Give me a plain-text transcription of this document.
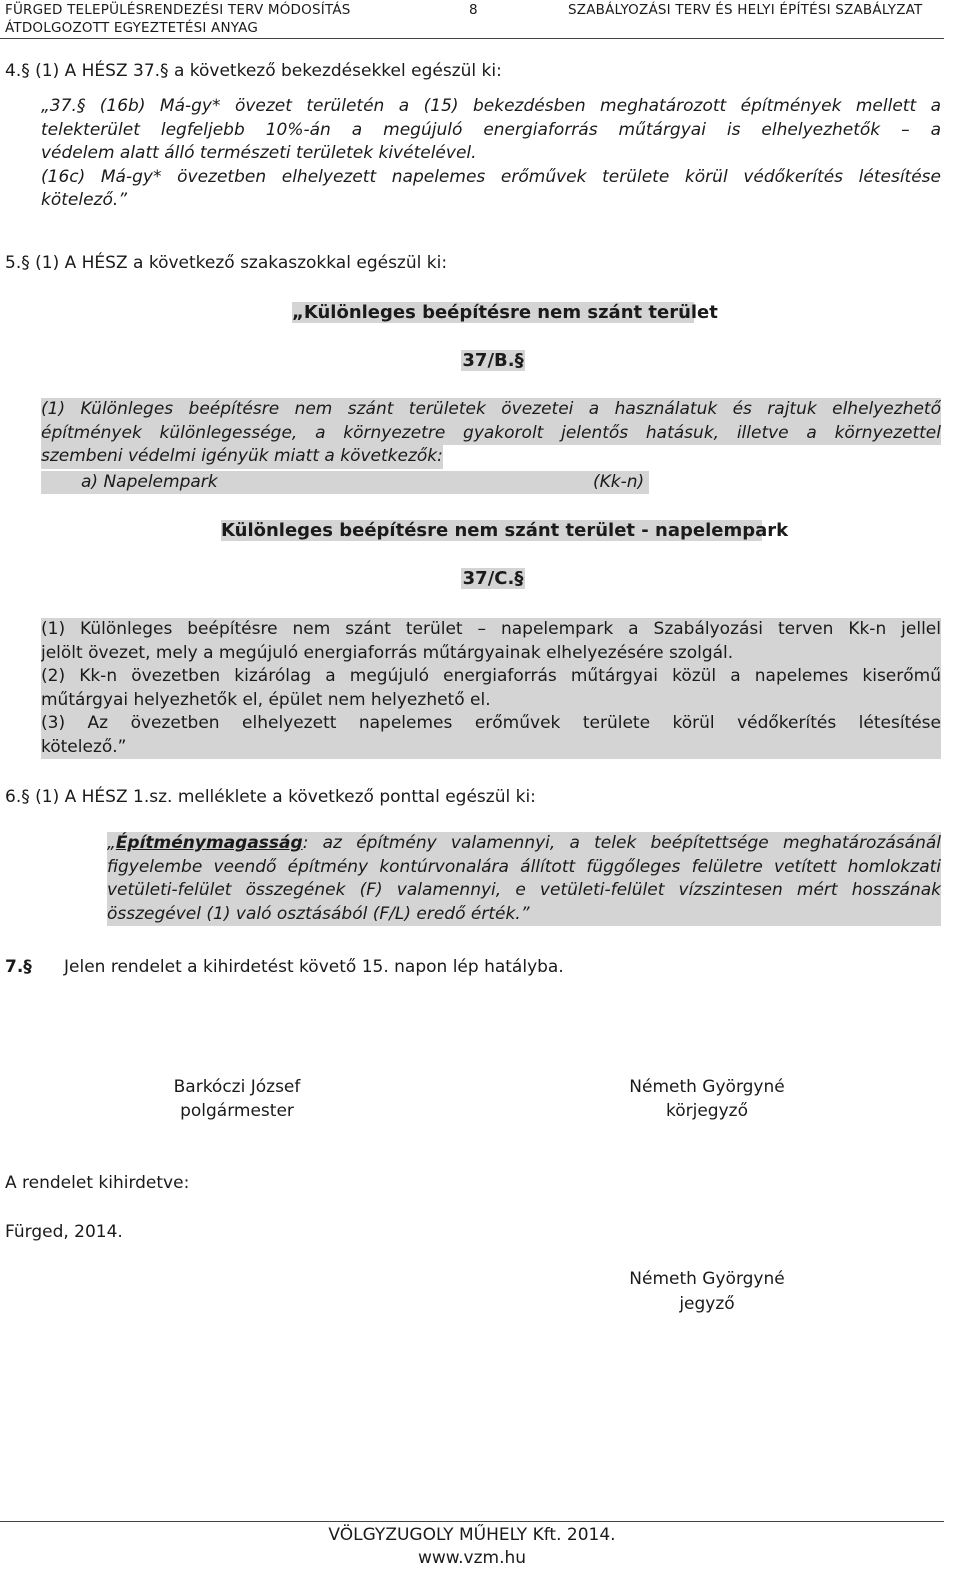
FÜRGED TELEPÜLÉSRENDEZÉSI TERV MÓDOSÍTÁS
ÁTDOLGOZOTT EGYEZTETÉSI ANYAG
8	SZABÁLYOZÁSI TERV ÉS HELYI ÉPÍTÉSI SZABÁLYZAT
4.§ (1) A HÉSZ 37.§ a következő bekezdésekkel egészül ki:
„37.§ (16b) Má-gy* övezet területén a (15) bekezdésben meghatározott építmények mellett a
telekterület legfeljebb 10%-án a megújuló energiaforrás műtárgyai is elhelyezhetők – a
védelem alatt álló természeti területek kivételével.
(16c) Má-gy* övezetben elhelyezett napelemes erőművek területe körül védőkerítés létesítése
kötelező.”
5.§ (1) A HÉSZ a következő szakaszokkal egészül ki:
„Különleges beépítésre nem szánt terület
37/B.§
(1) Különleges beépítésre nem szánt területek övezetei a használatuk és rajtuk elhelyezhető
építmények különlegessége, a környezetre gyakorolt jelentős hatásuk, illetve a környezettel
szembeni védelmi igényük miatt a következők:
a) Napelempark	(Kk-n)
Különleges beépítésre nem szánt terület - napelempark
37/C.§
(1) Különleges beépítésre nem szánt terület – napelempark a Szabályozási terven Kk-n jellel
jelölt övezet, mely a megújuló energiaforrás műtárgyainak elhelyezésére szolgál.
(2) Kk-n övezetben kizárólag a megújuló energiaforrás műtárgyai közül a napelemes kiserőmű
műtárgyai helyezhetők el, épület nem helyezhető el.
(3) Az övezetben elhelyezett napelemes erőművek területe körül védőkerítés létesítése
kötelező.”
6.§ (1) A HÉSZ 1.sz. melléklete a következő ponttal egészül ki:
„Építménymagasság: az építmény valamennyi, a telek beépítettsége meghatározásánál
figyelembe veendő építmény kontúrvonalára állított függőleges felületre vetített homlokzati
vetületi-felület összegének (F) valamennyi, e vetületi-felület vízszintesen mért hosszának
összegével (1) való osztásából (F/L) eredő érték.”
7.§ Jelen rendelet a kihirdetést követő 15. napon lép hatályba.
Barkóczi József
polgármester
Németh Györgyné
körjegyző
A rendelet kihirdetve:
Fürged, 2014.
Németh Györgyné
jegyző
VÖLGYZUGOLY MŰHELY Kft. 2014.
www.vzm.hu
